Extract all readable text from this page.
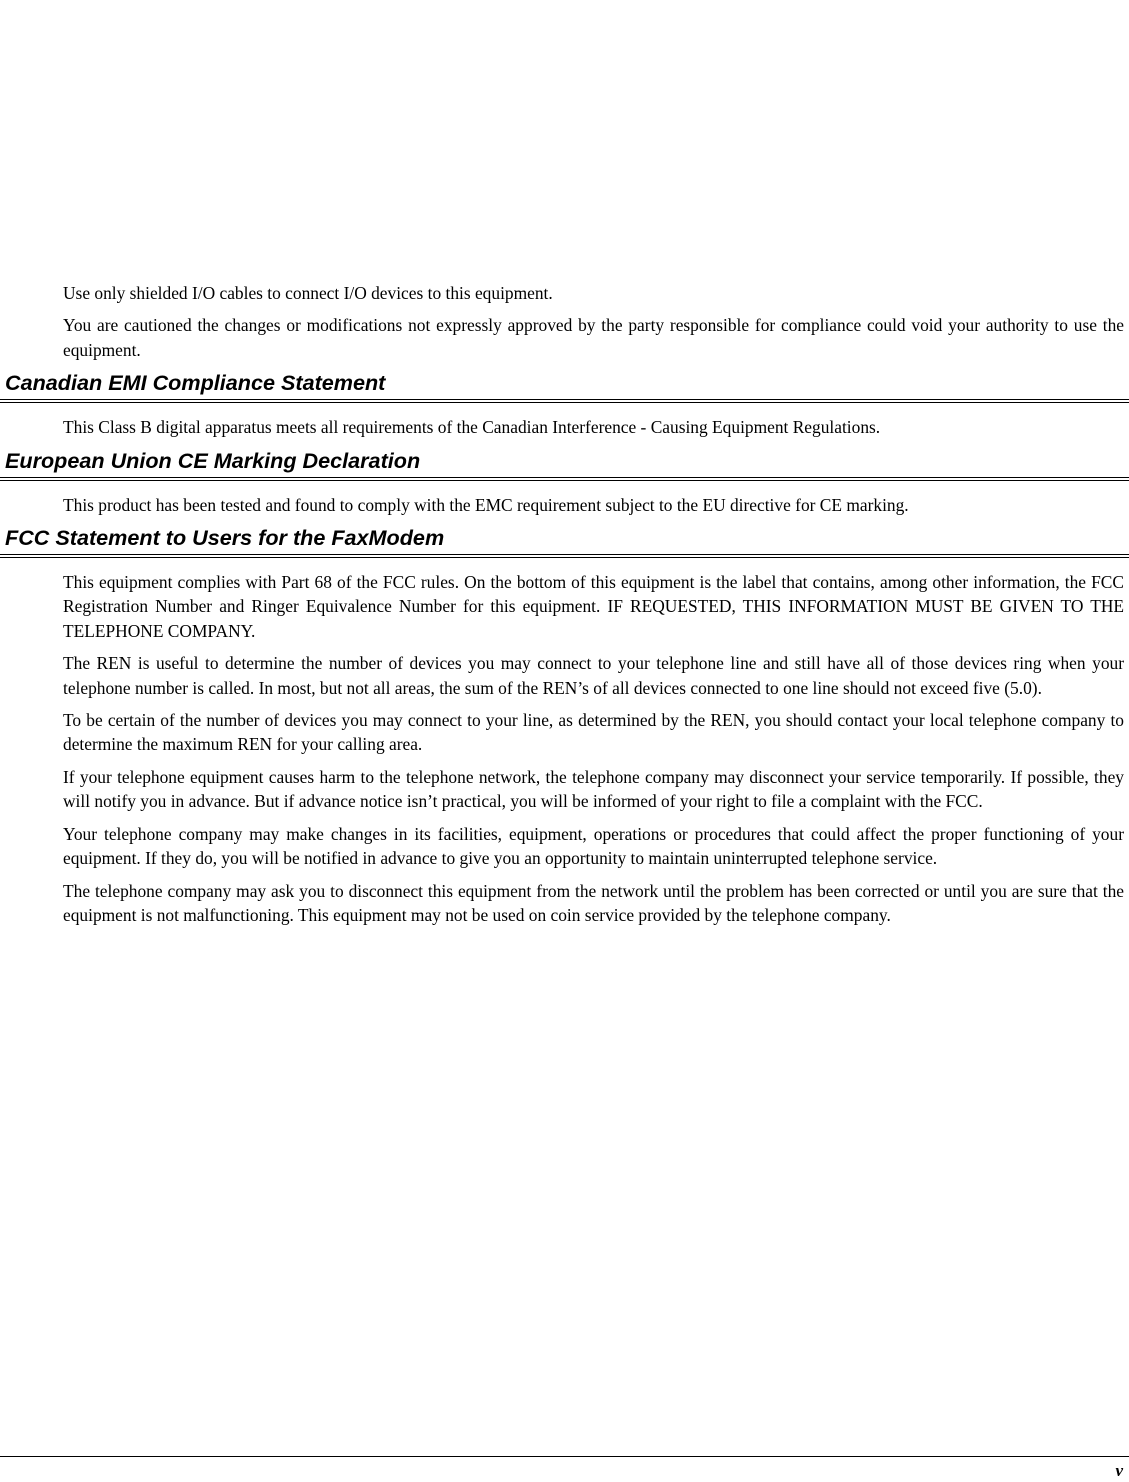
Use only shielded I/O cables to connect I/O devices to this equipment.

You are cautioned the changes or modifications not expressly approved by the party responsible for compliance could void your authority to use the equipment.

Canadian EMI Compliance Statement

This Class B digital apparatus meets all requirements of the Canadian Interference - Causing Equipment Regulations.

European Union CE Marking Declaration

This product has been tested and found to comply with the EMC requirement subject to the EU directive for CE marking.

FCC Statement to Users for the FaxModem

This equipment complies with Part 68 of the FCC rules. On the bottom of this equipment is the label that contains, among other information, the FCC Registration Number and Ringer Equivalence Number for this equipment. IF REQUESTED, THIS INFORMATION MUST BE GIVEN TO THE TELEPHONE COMPANY.

The REN is useful to determine the number of devices you may connect to your telephone line and still have all of those devices ring when your telephone number is called. In most, but not all areas, the sum of the REN’s of all devices connected to one line should not exceed five (5.0).

To be certain of the number of devices you may connect to your line, as determined by the REN, you should contact your local telephone company to determine the maximum REN for your calling area.

If your telephone equipment causes harm to the telephone network, the telephone company may disconnect your service temporarily. If possible, they will notify you in advance. But if advance notice isn’t practical, you will be informed of your right to file a complaint with the FCC.

Your telephone company may make changes in its facilities, equipment, operations or procedures that could affect the proper functioning of your equipment. If they do, you will be notified in advance to give you an opportunity to maintain uninterrupted telephone service.

The telephone company may ask you to disconnect this equipment from the network until the problem has been corrected or until you are sure that the equipment is not malfunctioning. This equipment may not be used on coin service provided by the telephone company.

v
